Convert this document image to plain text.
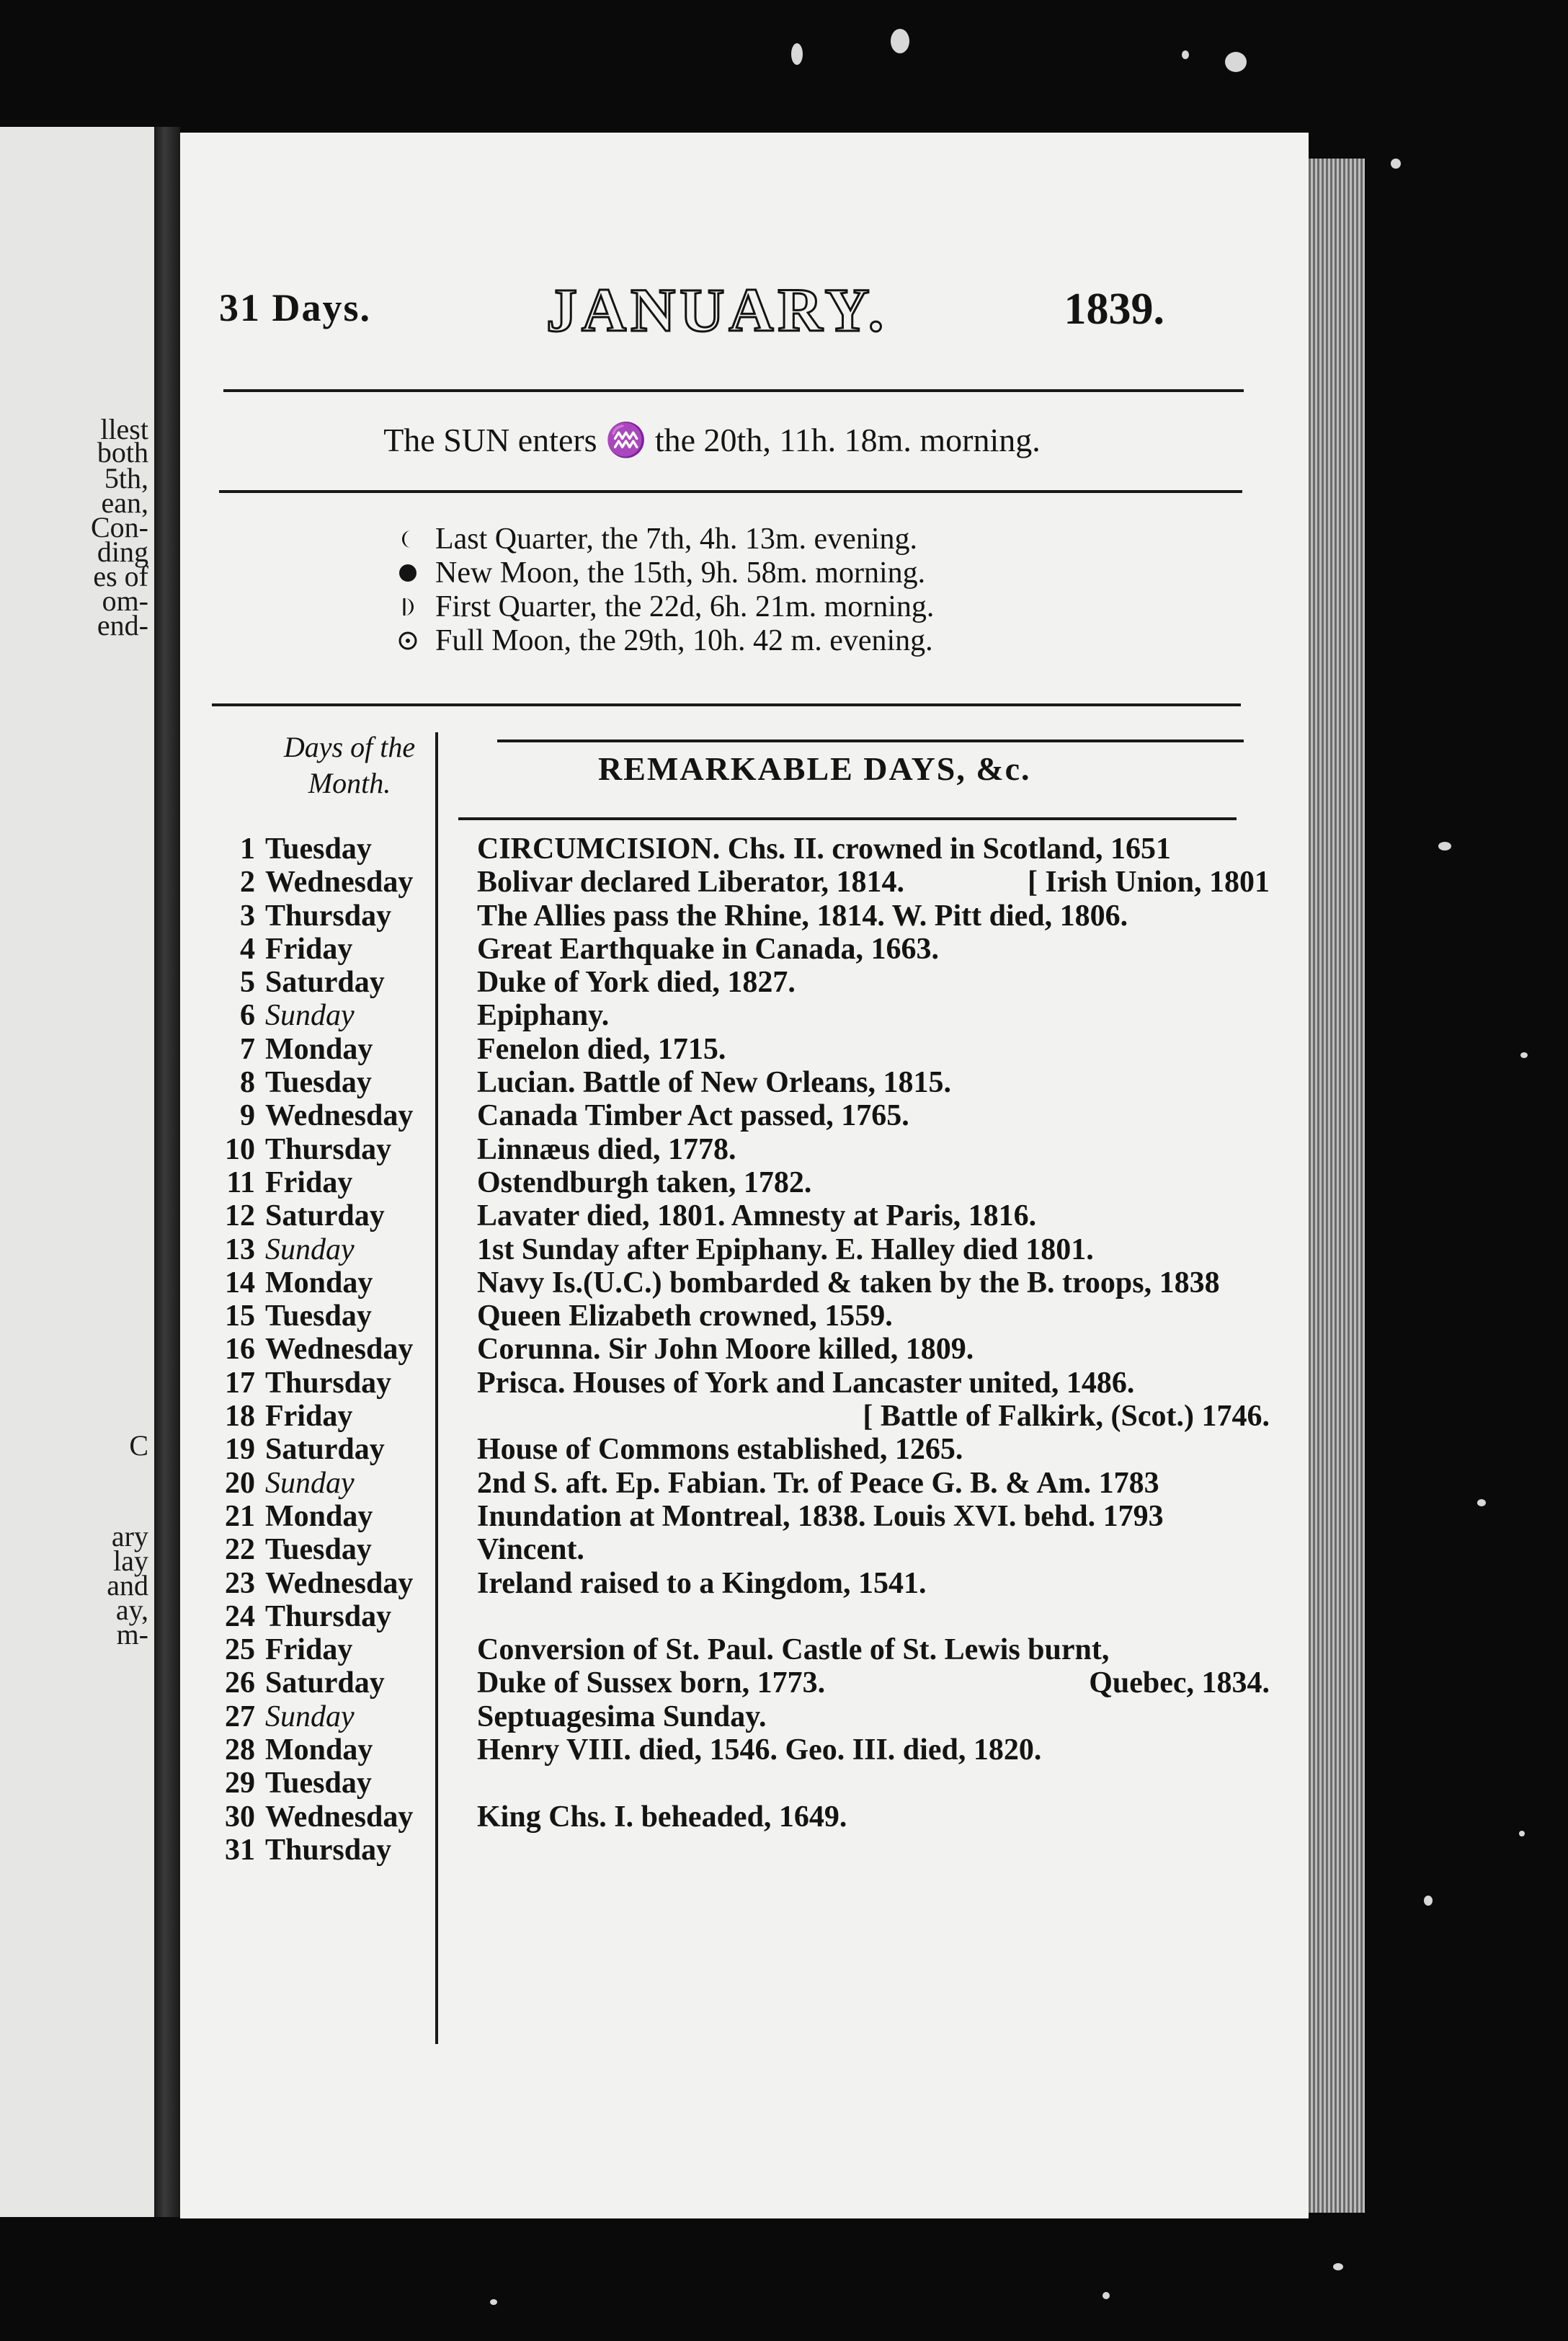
llest
both
5th,
ean,
Con-
ding
es of
om-
end-
C
ary
lay
and
ay,
m-
31 Days.	JANUARY.	1839.
The SUN enters ♒ the 20th, 11h. 18m. morning.
Last Quarter, the 7th, 4h. 13m. evening.
New Moon, the 15th, 9h. 58m. morning.
First Quarter, the 22d, 6h. 21m. morning.
Full Moon, the 29th, 10h. 42 m. evening.
Days of the
Month.	REMARKABLE DAYS, &c.
1 Tuesday	CIRCUMCISION. Chs. II. crowned in Scotland, 1651
2 Wednesday Bolivar declared Liberator, 1814.	[ Irish Union, 1801
3 Thursday	The Allies pass the Rhine, 1814. W. Pitt died, 1806.
4 Friday	Great Earthquake in Canada, 1663.
5 Saturday	Duke of York died, 1827.
6 Sunday	Epiphany.
7 Monday	Fenelon died, 1715.
8 Tuesday	Lucian. Battle of New Orleans, 1815.
9 Wednesday Canada Timber Act passed, 1765.
10 Thursday	Linnæus died, 1778.
11 Friday	Ostendburgh taken, 1782.
12 Saturday	Lavater died, 1801. Amnesty at Paris, 1816.
13 Sunday	1st Sunday after Epiphany. E. Halley died 1801.
14 Monday	Navy Is.(U.C.) bombarded & taken by the B. troops, 1838
15 Tuesday	Queen Elizabeth crowned, 1559.
16 Wednesday Corunna. Sir John Moore killed, 1809.
17 Thursday	Prisca. Houses of York and Lancaster united, 1486.
18 Friday	[ Battle of Falkirk, (Scot.) 1746.
19 Saturday	House of Commons established, 1265.
20 Sunday	2nd S. aft. Ep. Fabian. Tr. of Peace G. B. & Am. 1783
21 Monday	Inundation at Montreal, 1838. Louis XVI. behd. 1793
22 Tuesday	Vincent.
23 Wednesday Ireland raised to a Kingdom, 1541.
24 Thursday
25 Friday	Conversion of St. Paul. Castle of St. Lewis burnt,
26 Saturday	Duke of Sussex born, 1773.	Quebec, 1834.
27 Sunday	Septuagesima Sunday.
28 Monday	Henry VIII. died, 1546. Geo. III. died, 1820.
29 Tuesday
30 Wednesday King Chs. I. beheaded, 1649.
31 Thursday
